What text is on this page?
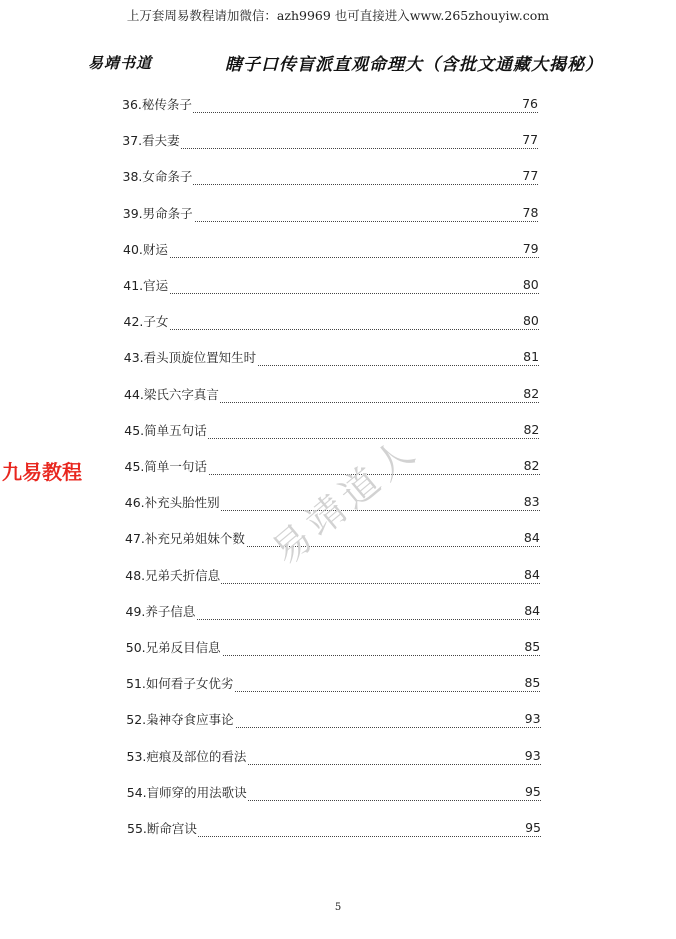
上万套周易教程请加微信：azh9969 也可直接进入www.265zhouyiw.com
易靖书道	瞎子口传盲派直观命理大（含批文通藏大揭秘）
36.秘传条子	76
37.看夫妻	77
38.女命条子	77
39.男命条子	78
40.财运	79
41.官运	80
42.子女	80
43.看头顶旋位置知生时	81
44.梁氏六字真言	82
45.简单五句话	82
45.简单一句话	82
46.补充头胎性别	83
47.补充兄弟姐妹个数	84
48.兄弟夭折信息	84
49.养子信息	84
50.兄弟反目信息	85
51.如何看子女优劣	85
52.枭神夺食应事论	93
53.疤痕及部位的看法	93
54.盲师穿的用法歌诀	95
55.断命宫诀	95
九易教程	易靖道人
5
